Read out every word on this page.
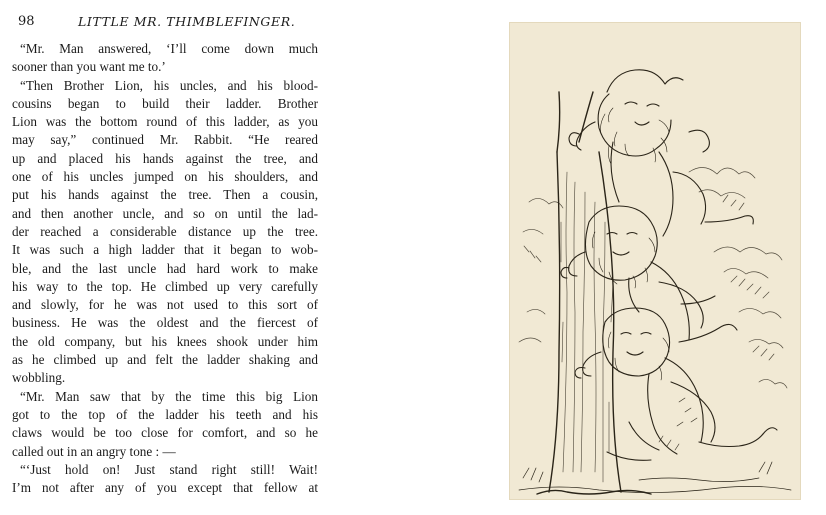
98	LITTLE MR. THIMBLEFINGER.
“Mr. Man answered, ‘I’ll come down much
sooner than you want me to.’
“Then Brother Lion, his uncles, and his blood-
cousins began to build their ladder. Brother
Lion was the bottom round of this ladder, as you
may say,” continued Mr. Rabbit. “He reared
up and placed his hands against the tree, and
one of his uncles jumped on his shoulders, and
put his hands against the tree. Then a cousin,
and then another uncle, and so on until the lad-
der reached a considerable distance up the tree.
It was such a high ladder that it began to wob-
ble, and the last uncle had hard work to make
his way to the top. He climbed up very carefully
and slowly, for he was not used to this sort of
business. He was the oldest and the fiercest of
the old company, but his knees shook under him
as he climbed up and felt the ladder shaking and
wobbling.
“Mr. Man saw that by the time this big Lion
got to the top of the ladder his teeth and his
claws would be too close for comfort, and so he
called out in an angry tone : —
“‘Just hold on! Just stand right still! Wait!
I’m not after any of you except that fellow at
